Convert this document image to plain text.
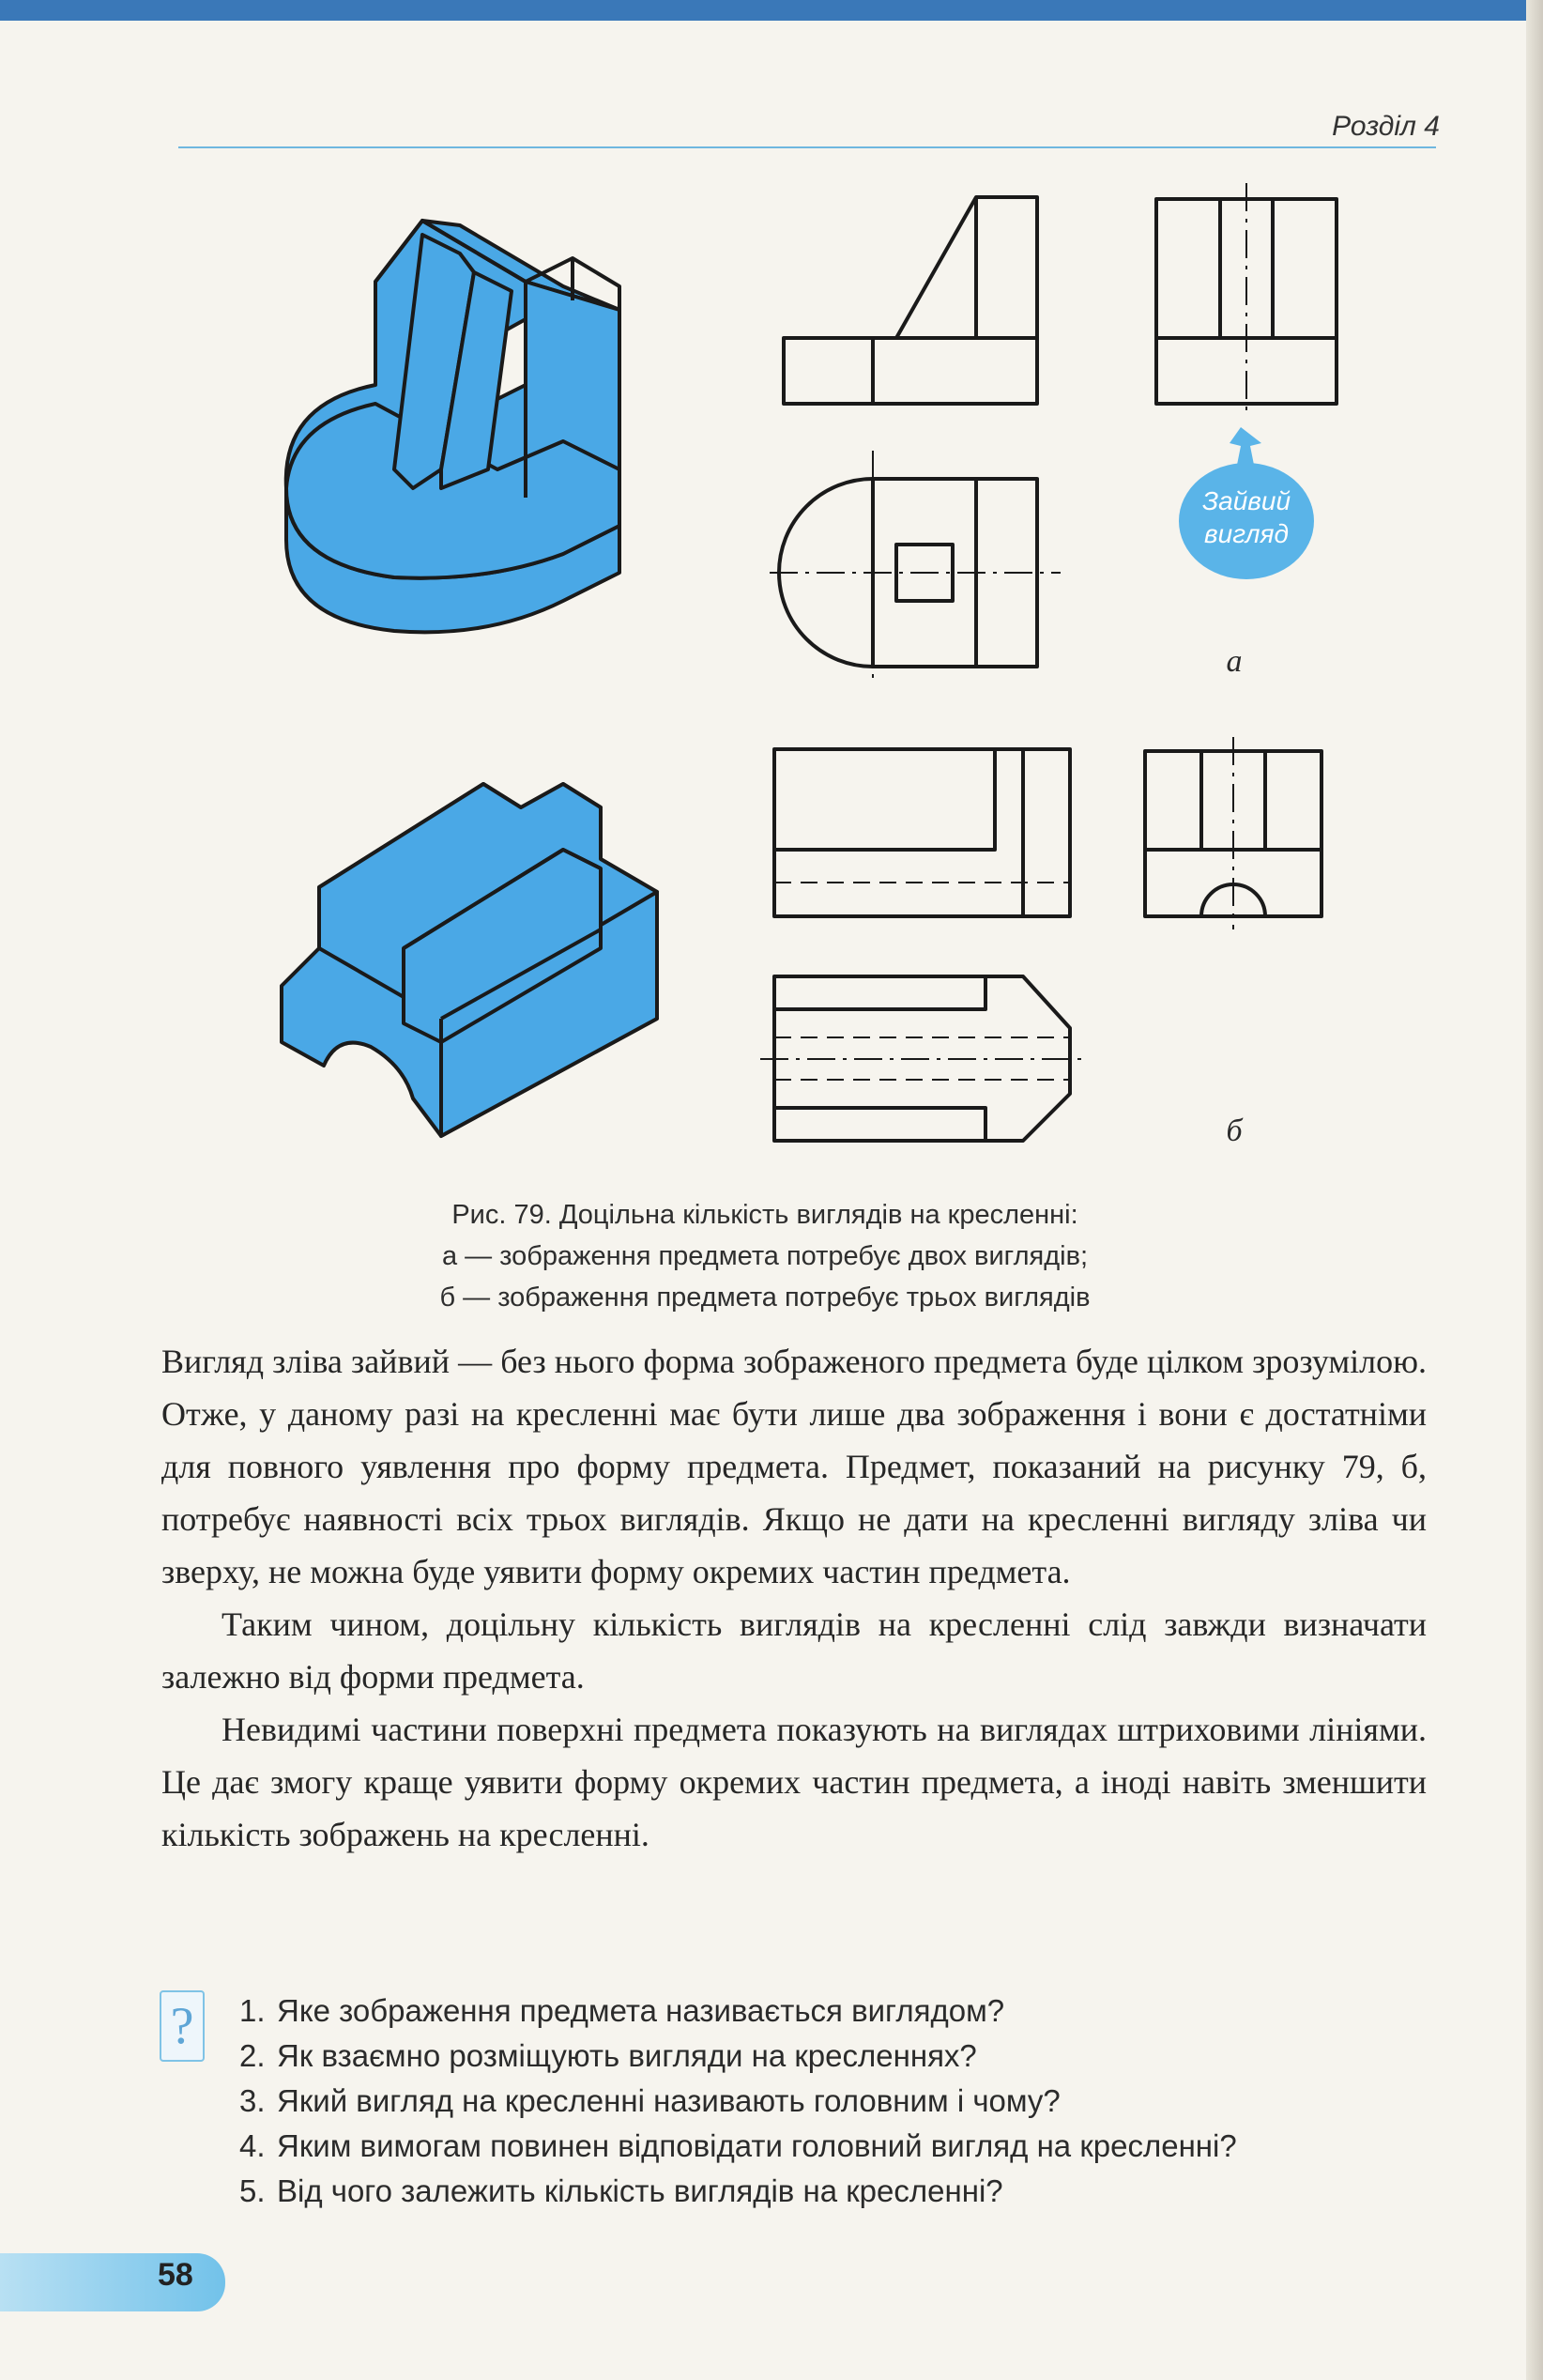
Розділ 4
Зайвий
вигляд
а
б
Рис. 79. Доцільна кількість виглядів на кресленні:
а — зображення предмета потребує двох виглядів;
б — зображення предмета потребує трьох виглядів

Вигляд зліва зайвий — без нього форма зображеного предмета буде цілком зрозумілою. Отже, у даному разі на кресленні має бути лише два зображення і вони є достатніми для повного уявлення про форму предмета. Предмет, показаний на рисунку 79, б, потребує наявності всіх трьох виглядів. Якщо не дати на кресленні вигляду зліва чи зверху, не можна буде уявити форму окремих частин предмета.

Таким чином, доцільну кількість виглядів на кресленні слід завжди визначати залежно від форми предмета.

Невидимі частини поверхні предмета показують на виглядах штриховими лініями. Це дає змогу краще уявити форму окремих частин предмета, а іноді навіть зменшити кількість зображень на кресленні.

?	1. Яке зображення предмета називається виглядом?
2. Як взаємно розміщують вигляди на кресленнях?
3. Який вигляд на кресленні називають головним і чому?
4. Яким вимогам повинен відповідати головний вигляд на кресленні?
5. Від чого залежить кількість виглядів на кресленні?
58
